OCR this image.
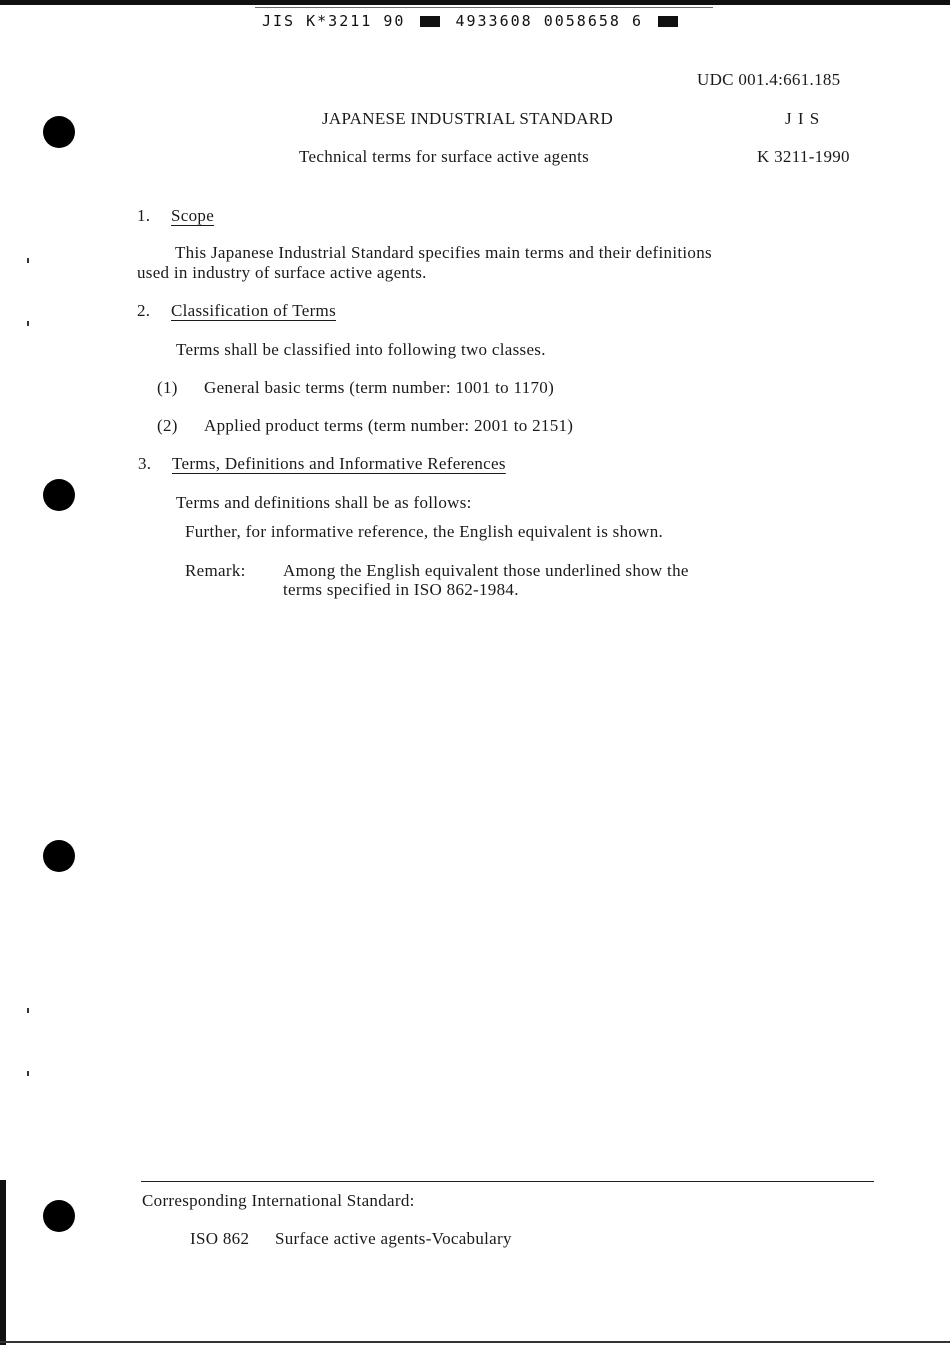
JIS K*3211 90	4933608 0058658 6
UDC 001.4:661.185
JAPANESE INDUSTRIAL STANDARD	J I S
Technical terms for surface active agents	K 3211-1990
1. Scope
This Japanese Industrial Standard specifies main terms and their definitions
used in industry of surface active agents.
2. Classification of Terms
Terms shall be classified into following two classes.
(1) General basic terms (term number: 1001 to 1170)
(2) Applied product terms (term number: 2001 to 2151)
3. Terms, Definitions and Informative References
Terms and definitions shall be as follows:
Further, for informative reference, the English equivalent is shown.
Remark: Among the English equivalent those underlined show the
terms specified in ISO 862-1984.
Corresponding International Standard:
ISO 862 Surface active agents-Vocabulary
